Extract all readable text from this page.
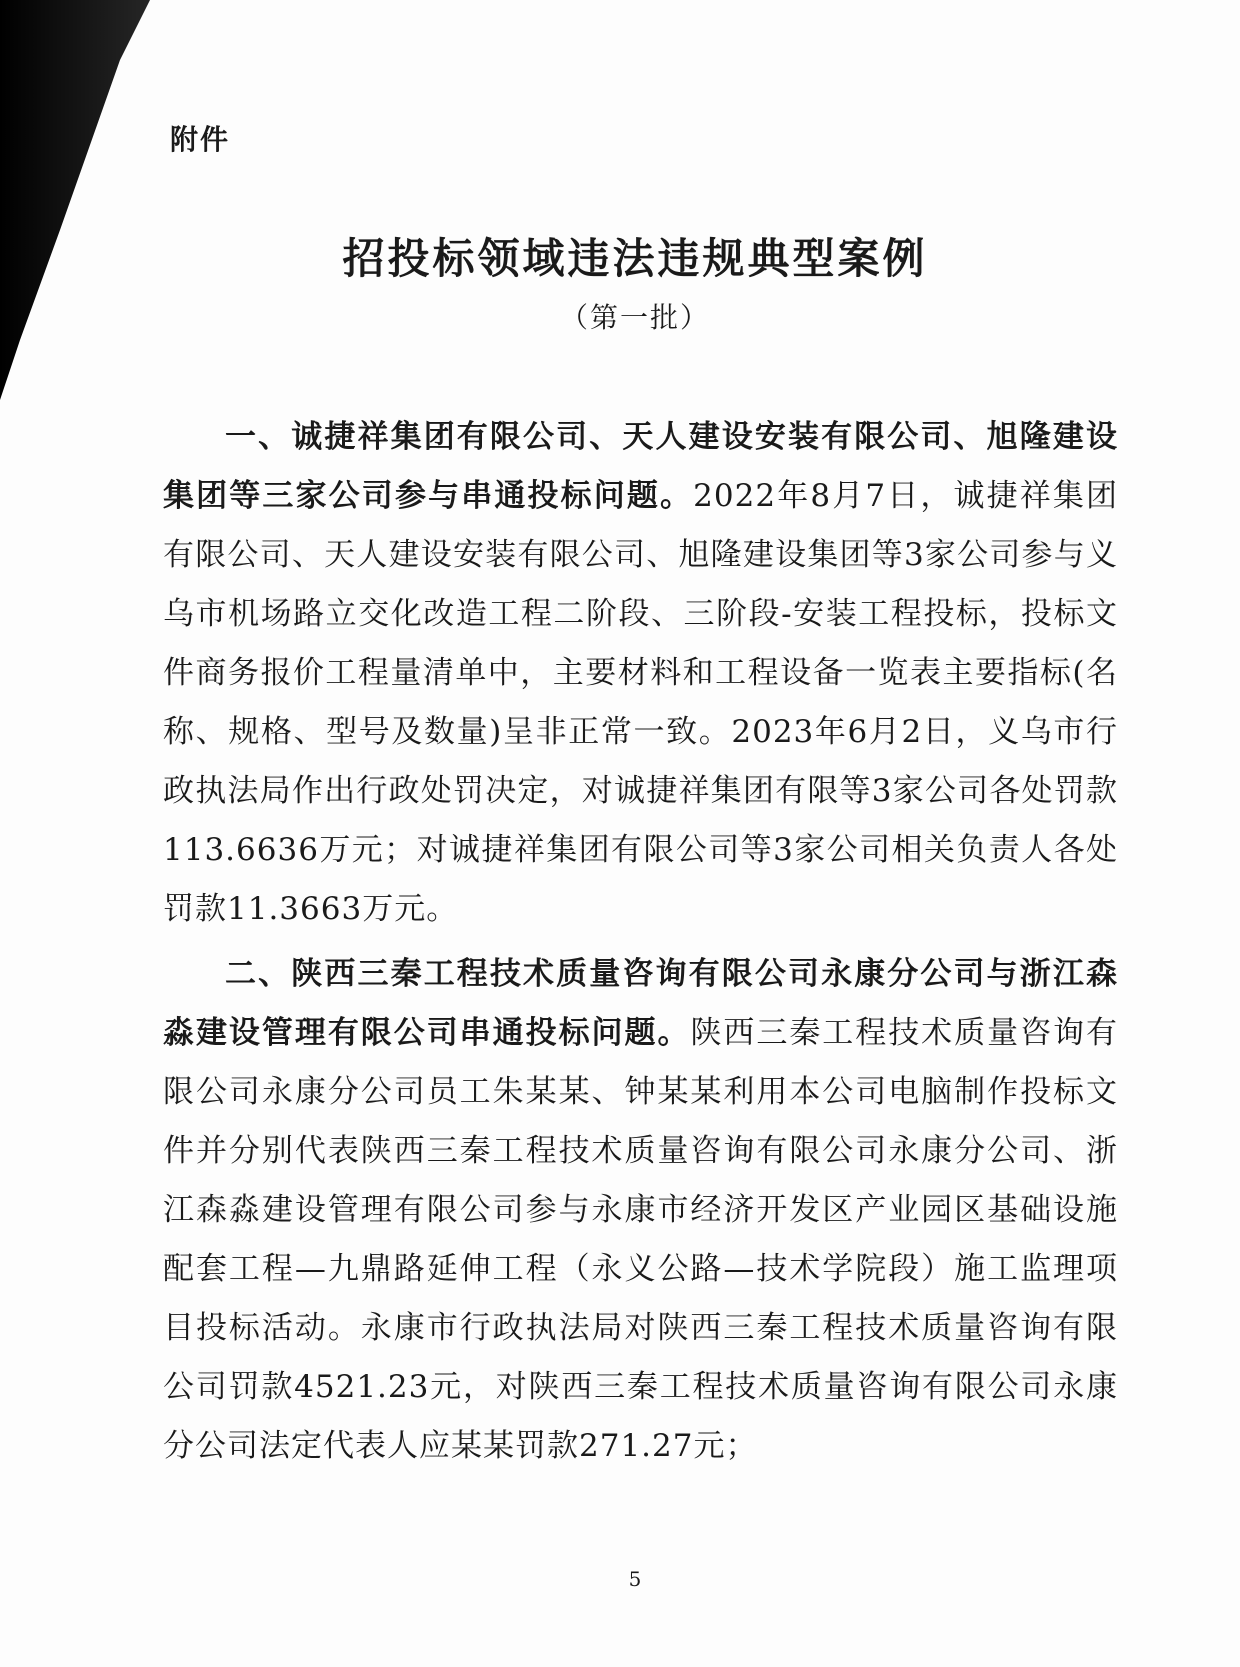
附件
招投标领域违法违规典型案例
（第一批）

一、诚捷祥集团有限公司、天人建设安装有限公司、旭隆建设集团等三家公司参与串通投标问题。2022年8月7日，诚捷祥集团有限公司、天人建设安装有限公司、旭隆建设集团等3家公司参与义乌市机场路立交化改造工程二阶段、三阶段-安装工程投标，投标文件商务报价工程量清单中，主要材料和工程设备一览表主要指标(名称、规格、型号及数量)呈非正常一致。2023年6月2日，义乌市行政执法局作出行政处罚决定，对诚捷祥集团有限等3家公司各处罚款113.6636万元；对诚捷祥集团有限公司等3家公司相关负责人各处罚款11.3663万元。

二、陕西三秦工程技术质量咨询有限公司永康分公司与浙江森淼建设管理有限公司串通投标问题。陕西三秦工程技术质量咨询有限公司永康分公司员工朱某某、钟某某利用本公司电脑制作投标文件并分别代表陕西三秦工程技术质量咨询有限公司永康分公司、浙江森淼建设管理有限公司参与永康市经济开发区产业园区基础设施配套工程—九鼎路延伸工程（永义公路—技术学院段）施工监理项目投标活动。永康市行政执法局对陕西三秦工程技术质量咨询有限公司罚款4521.23元，对陕西三秦工程技术质量咨询有限公司永康分公司法定代表人应某某罚款271.27元；

5
